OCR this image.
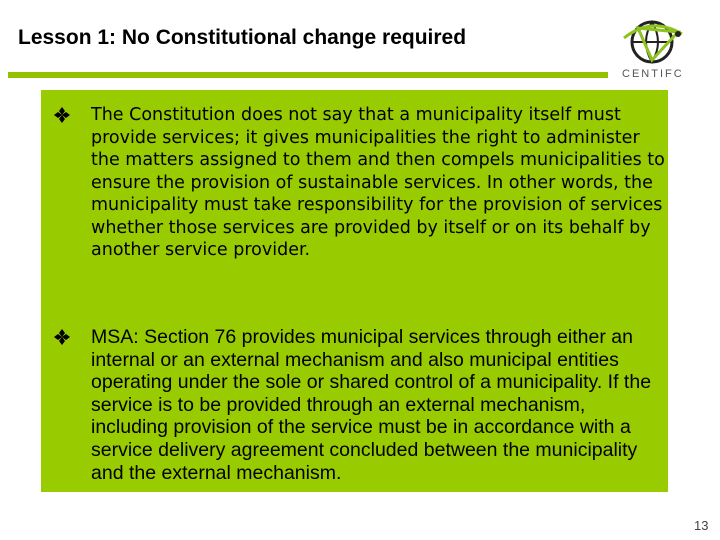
Lesson 1: No Constitutional change required
CENTIFC
The Constitution does not say that a municipality itself must provide services; it gives municipalities the right to administer the matters assigned to them and then compels municipalities to ensure the provision of sustainable services. In other words, the municipality must take responsibility for the provision of services whether those services are provided by itself or on its behalf by another service provider.
MSA: Section 76 provides municipal services through either an internal or an external mechanism and also municipal entities operating under the sole or shared control of a municipality. If the service is to be provided through an external mechanism, including provision of the service must be in accordance with a service delivery agreement concluded between the municipality and the external mechanism.
13
